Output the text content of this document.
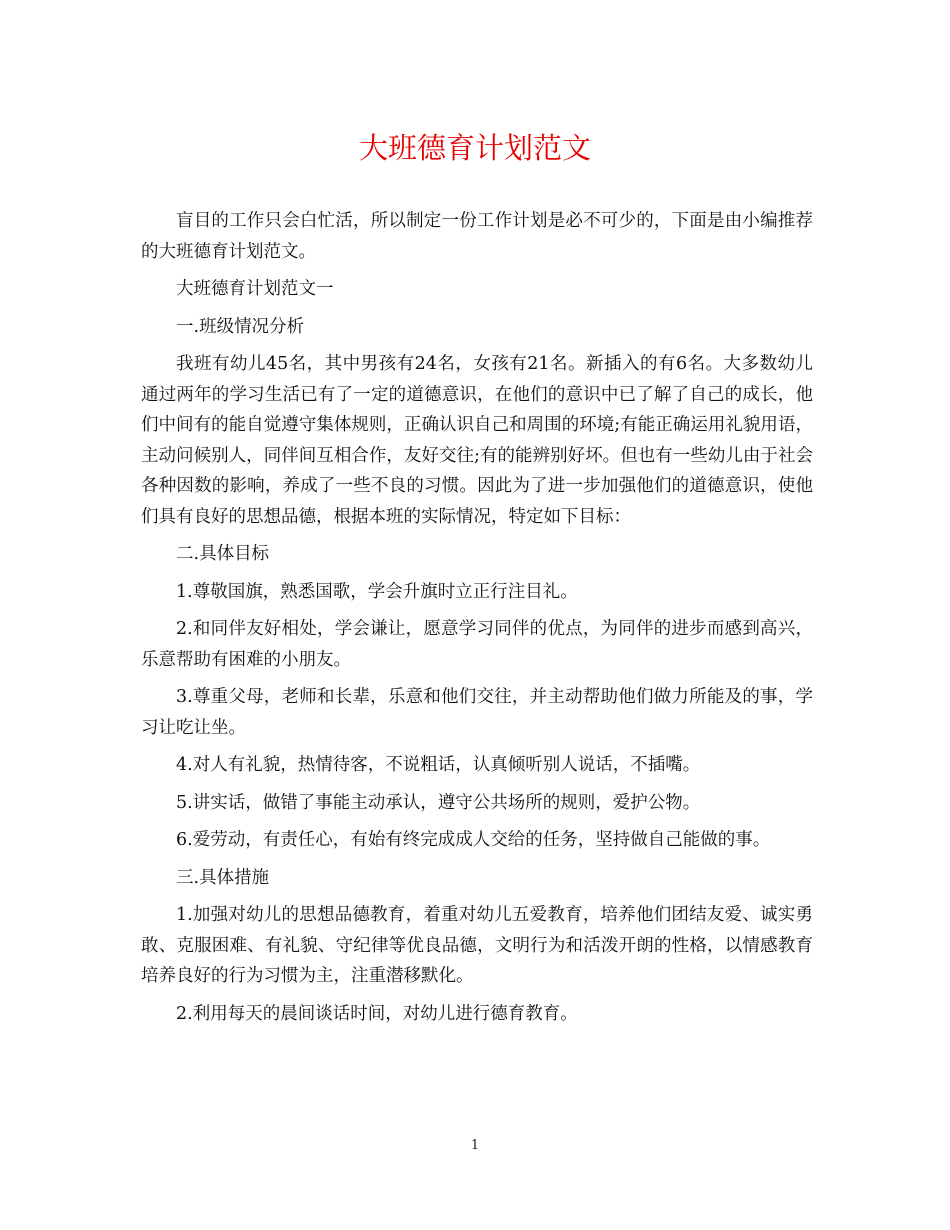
大班德育计划范文

盲目的工作只会白忙活，所以制定一份工作计划是必不可少的，下面是由小编推荐的大班德育计划范文。

大班德育计划范文一

一.班级情况分析

我班有幼儿45名，其中男孩有24名，女孩有21名。新插入的有6名。大多数幼儿通过两年的学习生活已有了一定的道德意识，在他们的意识中已了解了自己的成长，他们中间有的能自觉遵守集体规则，正确认识自己和周围的环境;有能正确运用礼貌用语，主动问候别人，同伴间互相合作，友好交往;有的能辨别好坏。但也有一些幼儿由于社会各种因数的影响，养成了一些不良的习惯。因此为了进一步加强他们的道德意识，使他们具有良好的思想品德，根据本班的实际情况，特定如下目标：

二.具体目标

1.尊敬国旗，熟悉国歌，学会升旗时立正行注目礼。

2.和同伴友好相处，学会谦让，愿意学习同伴的优点，为同伴的进步而感到高兴，乐意帮助有困难的小朋友。

3.尊重父母，老师和长辈，乐意和他们交往，并主动帮助他们做力所能及的事，学习让吃让坐。

4.对人有礼貌，热情待客，不说粗话，认真倾听别人说话，不插嘴。

5.讲实话，做错了事能主动承认，遵守公共场所的规则，爱护公物。

6.爱劳动，有责任心，有始有终完成成人交给的任务，坚持做自己能做的事。

三.具体措施

1.加强对幼儿的思想品德教育，着重对幼儿五爱教育，培养他们团结友爱、诚实勇敢、克服困难、有礼貌、守纪律等优良品德，文明行为和活泼开朗的性格，以情感教育培养良好的行为习惯为主，注重潜移默化。

2.利用每天的晨间谈话时间，对幼儿进行德育教育。

1
